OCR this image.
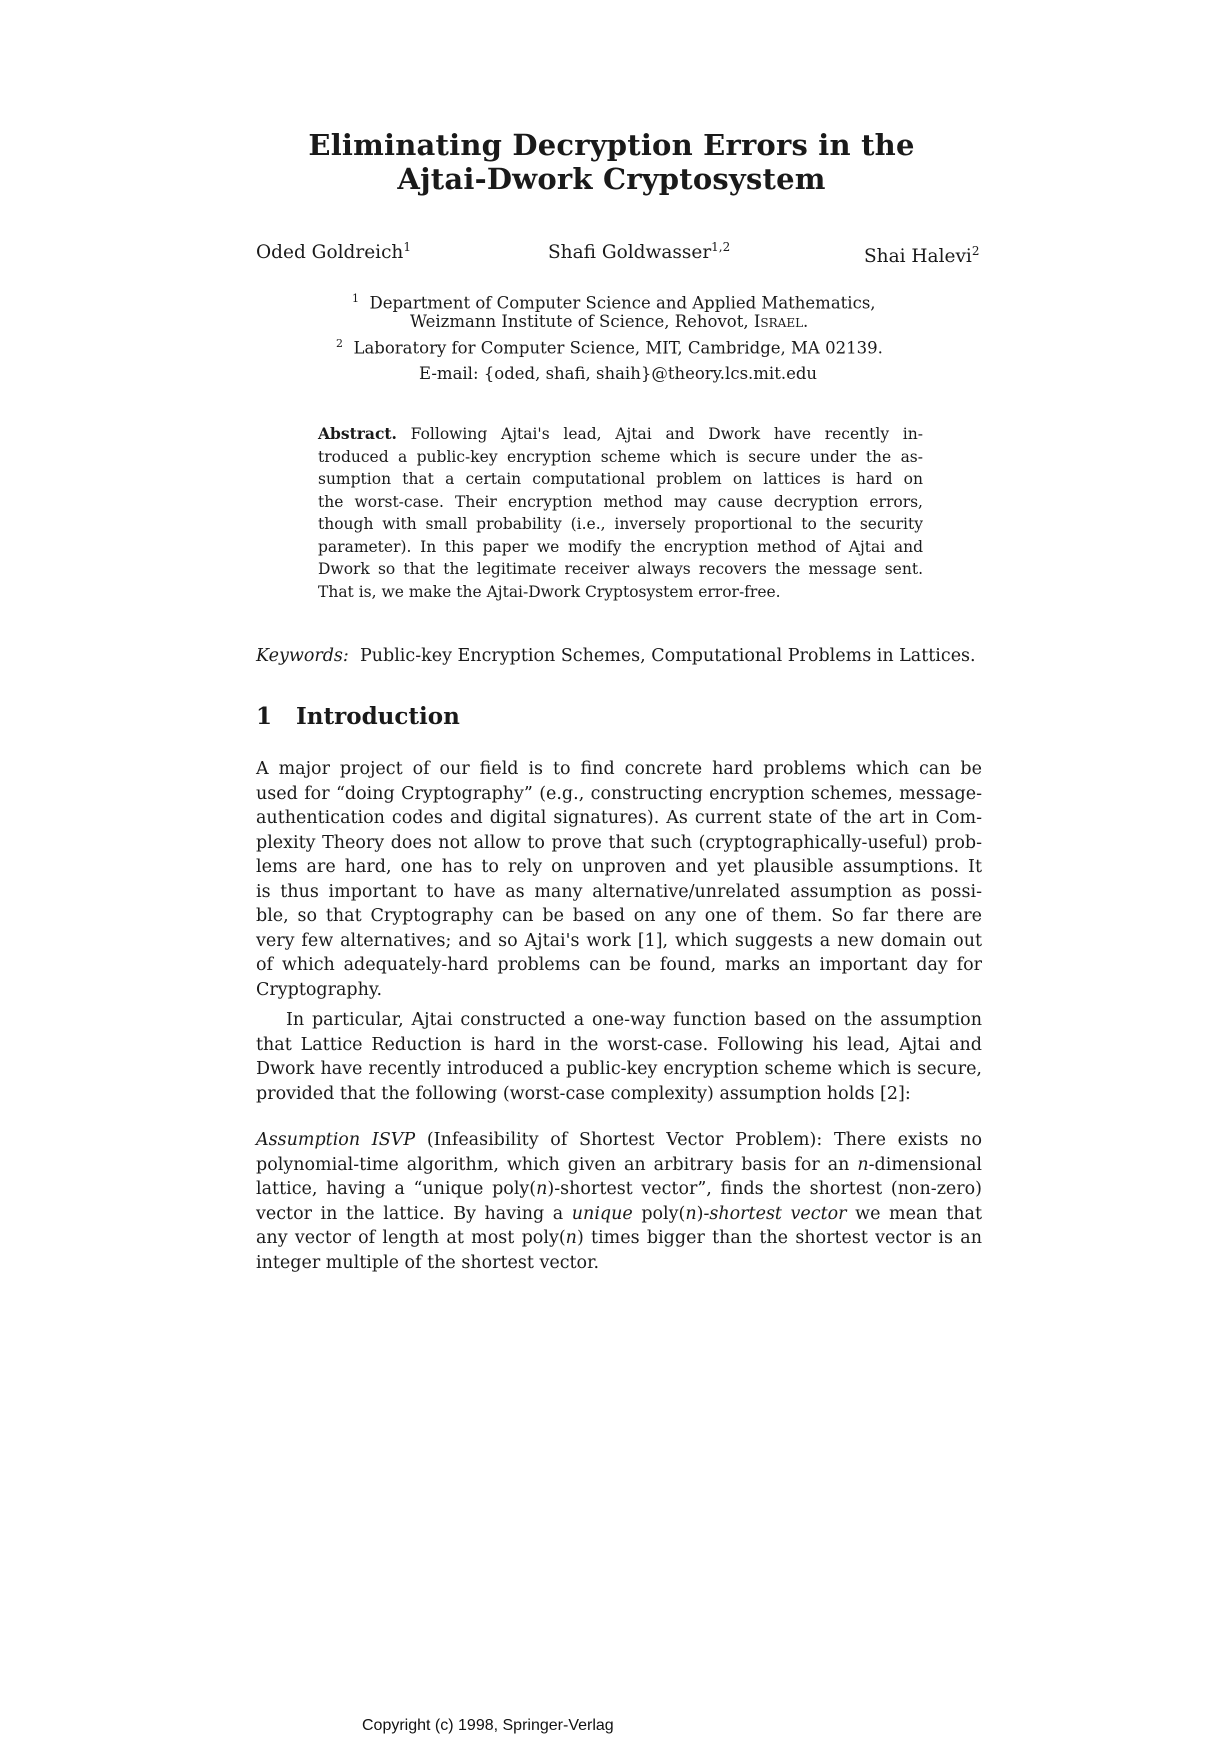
Eliminating Decryption Errors in the
Ajtai-Dwork Cryptosystem
Oded Goldreich$^1$	Shafi Goldwasser$^{1,2}$	Shai Halevi$^2$
$^1$ Department of Computer Science and Applied Mathematics,
Weizmann Institute of Science, Rehovot, Israel.
$^2$ Laboratory for Computer Science, MIT, Cambridge, MA 02139.
E-mail: {oded, shafi, shaih}@theory.lcs.mit.edu
Abstract. Following Ajtai's lead, Ajtai and Dwork have recently in-
troduced a public-key encryption scheme which is secure under the as-
sumption that a certain computational problem on lattices is hard on
the worst-case. Their encryption method may cause decryption errors,
though with small probability (i.e., inversely proportional to the security
parameter). In this paper we modify the encryption method of Ajtai and
Dwork so that the legitimate receiver always recovers the message sent.
That is, we make the Ajtai-Dwork Cryptosystem error-free.
Keywords: Public-key Encryption Schemes, Computational Problems in Lattices.
1 Introduction
A major project of our field is to find concrete hard problems which can be
used for “doing Cryptography” (e.g., constructing encryption schemes, message-
authentication codes and digital signatures). As current state of the art in Com-
plexity Theory does not allow to prove that such (cryptographically-useful) prob-
lems are hard, one has to rely on unproven and yet plausible assumptions. It
is thus important to have as many alternative/unrelated assumption as possi-
ble, so that Cryptography can be based on any one of them. So far there are
very few alternatives; and so Ajtai's work [1], which suggests a new domain out
of which adequately-hard problems can be found, marks an important day for
Cryptography.
In particular, Ajtai constructed a one-way function based on the assumption
that Lattice Reduction is hard in the worst-case. Following his lead, Ajtai and
Dwork have recently introduced a public-key encryption scheme which is secure,
provided that the following (worst-case complexity) assumption holds [2]:
Assumption ISVP (Infeasibility of Shortest Vector Problem): There exists no
polynomial-time algorithm, which given an arbitrary basis for an n-dimensional
lattice, having a “unique poly(n)-shortest vector”, finds the shortest (non-zero)
vector in the lattice. By having a unique poly(n)-shortest vector we mean that
any vector of length at most poly(n) times bigger than the shortest vector is an
integer multiple of the shortest vector.
Copyright (c) 1998, Springer-Verlag
